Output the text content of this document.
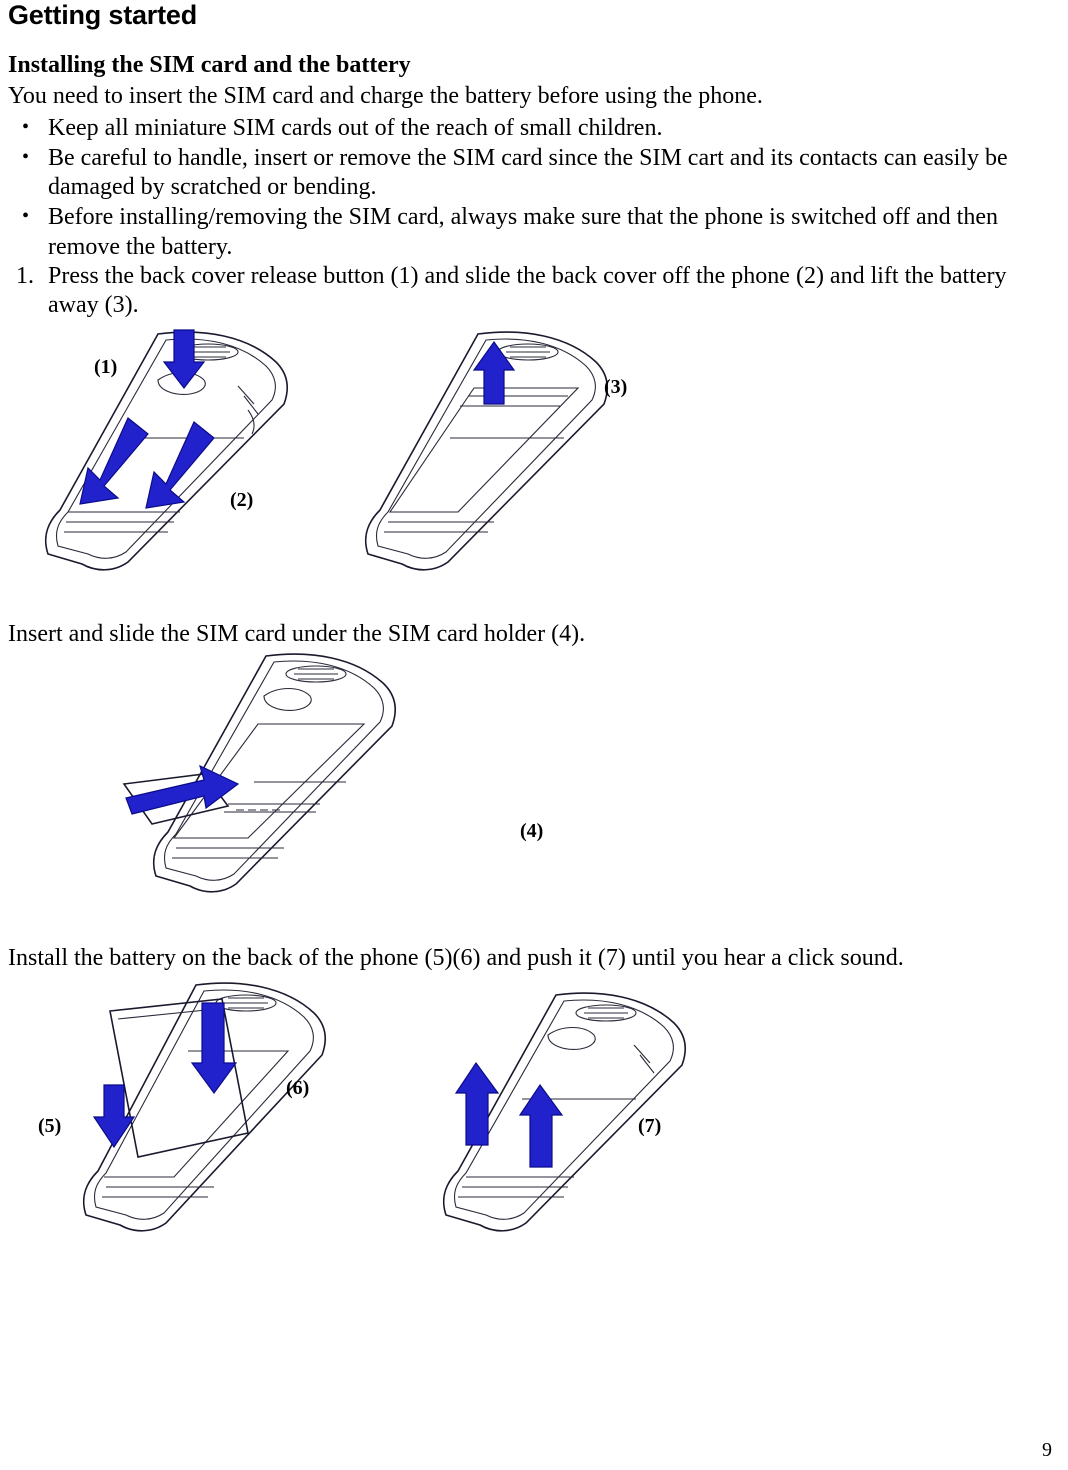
Getting started
Installing the SIM card and the battery

You need to insert the SIM card and charge the battery before using the phone.

• Keep all miniature SIM cards out of the reach of small children.
• Be careful to handle, insert or remove the SIM card since the SIM cart and its contacts can easily be damaged by scratched or bending.
• Before installing/removing the SIM card, always make sure that the phone is switched off and then remove the battery.
1. Press the back cover release button (1) and slide the back cover off the phone (2) and lift the battery away (3).
(1)
(2)
(3)

Insert and slide the SIM card under the SIM card holder (4).

(4)

Install the battery on the back of the phone (5)(6) and push it (7) until you hear a click sound.

(6)
(5)	(7)
9
